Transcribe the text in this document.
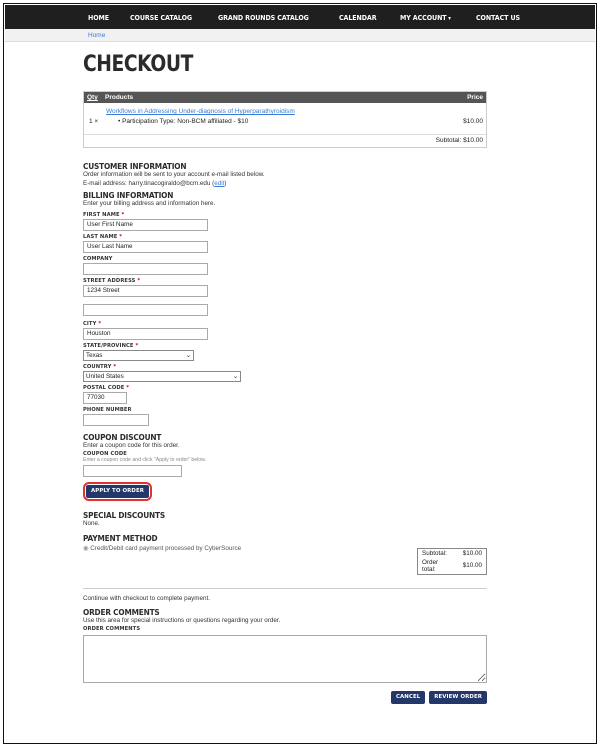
HOME	COURSE CATALOG	GRAND ROUNDS CATALOG	CALENDAR	MY ACCOUNT ▾	CONTACT US
Home
CHECKOUT
Qty	Products	Price
1 ×
Workflows in Addressing Under-diagnosis of Hyperparathyroidism
• Participation Type: Non-BCM affiliated - $10	$10.00
Subtotal: $10.00
CUSTOMER INFORMATION
Order information will be sent to your account e-mail listed below.
E-mail address: harry.tinacogiraldo@bcm.edu (edit)
BILLING INFORMATION
Enter your billing address and information here.
FIRST NAME *
User First Name
LAST NAME *
User Last Name
COMPANY
STREET ADDRESS *
1234 Street
CITY *
Houston
STATE/PROVINCE *
Texas	⌄
COUNTRY *
United States	⌄
POSTAL CODE *
77030
PHONE NUMBER
COUPON DISCOUNT
Enter a coupon code for this order.
COUPON CODE
Enter a coupon code and click "Apply to order" below.
APPLY TO ORDER
SPECIAL DISCOUNTS
None.
PAYMENT METHOD
◉ Credit/Debit card payment processed by CyberSource
Subtotal:	$10.00
Order
total:	$10.00
Continue with checkout to complete payment.
ORDER COMMENTS
Use this area for special instructions or questions regarding your order.
ORDER COMMENTS
CANCEL	REVIEW ORDER
